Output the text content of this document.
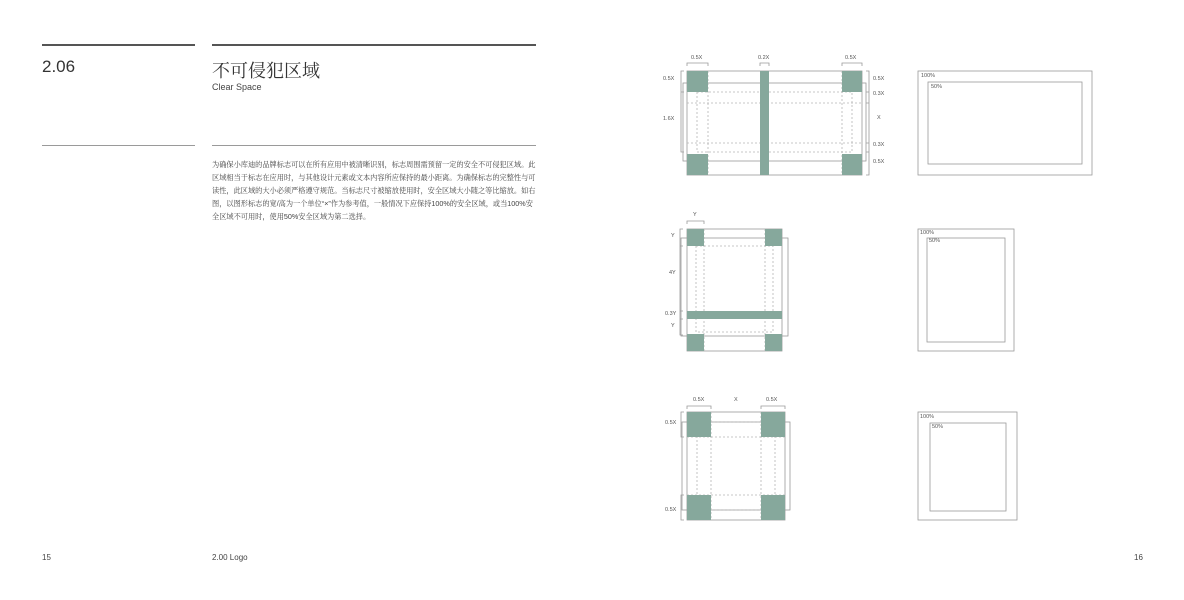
2.06	不可侵犯区域
Clear Space
为确保小库迪的品牌标志可以在所有应用中被清晰识别，标志周围需预留一定的安全不可侵犯区域。此区域相当于标志在应用时，与其他设计元素或文本内容所应保持的最小距离。为确保标志的完整性与可读性，此区域的大小必须严格遵守规范。当标志尺寸被缩放使用时，安全区域大小随之等比缩放。如右图，以图形标志的宽/高为一个单位“×”作为参考值，一般情况下应保持100%的安全区域，或当100%安全区域不可用时，使用50%安全区域为第二选择。
15	2.00 Logo	16
0.5X	0.2X	0.5X
0.5X
1.6X
0.5X
0.3X
X
0.3X
0.5X
100%
50%
Y
Y
4Y
0.3Y
Y
100%
50%
0.5X	X	0.5X
0.5X
0.5X
100%
50%
